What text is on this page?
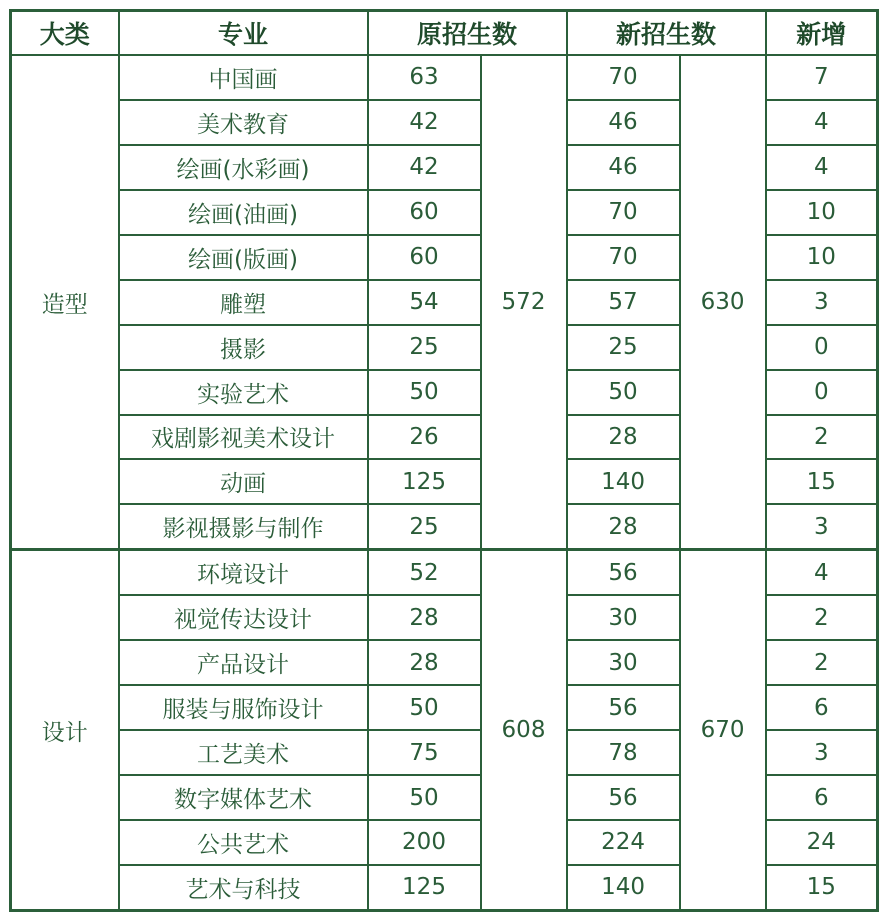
大类	专业	原招生数		新招生数		新增
造型	中国画	63	572	70	630	7
	美术教育	42		46		4
	绘画(水彩画)	42		46		4
	绘画(油画)	60		70		10
	绘画(版画)	60		70		10
	雕塑	54		57		3
	摄影	25		25		0
	实验艺术	50		50		0
	戏剧影视美术设计	26		28		2
	动画	125		140		15
	影视摄影与制作	25		28		3
设计	环境设计	52	608	56	670	4
	视觉传达设计	28		30		2
	产品设计	28		30		2
	服装与服饰设计	50		56		6
	工艺美术	75		78		3
	数字媒体艺术	50		56		6
	公共艺术	200		224		24
	艺术与科技	125		140		15
